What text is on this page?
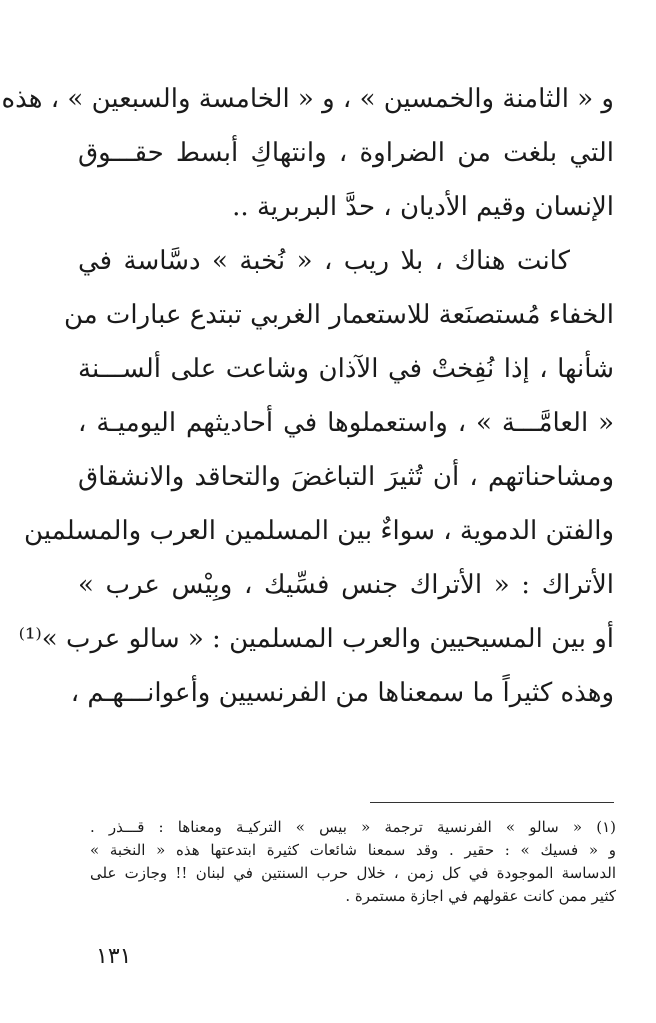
و « الثامنة والخمسين » ، و « الخامسة والسبعين » ، هذه
التي بلغت من الضراوة ، وانتهاكِ أبسط حقـــوق
الإنسان وقيم الأديان ، حدَّ البربرية ..
كانت هناك ، بلا ريب ، « نُخبة » دسَّاسة في
الخفاء مُستصنَعة للاستعمار الغربي تبتدع عبارات من
شأنها ، إذا نُفِختْ في الآذان وشاعت على ألســـنة
« العامَّـــة » ، واستعملوها في أحاديثهم اليوميـة ،
ومشاحناتهم ، أن تُثيرَ التباغضَ والتحاقد والانشقاق
والفتن الدموية ، سواءٌ بين المسلمين العرب والمسلمين
الأتراك : « الأتراك جنس فسِّيك ، وبِيْس عرب »
أو بين المسيحيين والعرب المسلمين : « سالو عرب »⁽¹⁾
وهذه كثيراً ما سمعناها من الفرنسيين وأعوانـــهـم ،
(١) « سالو » الفرنسية ترجمة « بيس » التركيـة ومعناها : قـــذر .
و « فسيك » : حقير . وقد سمعنا شائعات كثيرة ابتدعتها هذه « النخبة »
الدساسة الموجودة في كل زمن ، خلال حرب السنتين في لبنان !! وجازت على
كثير ممن كانت عقولهم في اجازة مستمرة .
١٣١
